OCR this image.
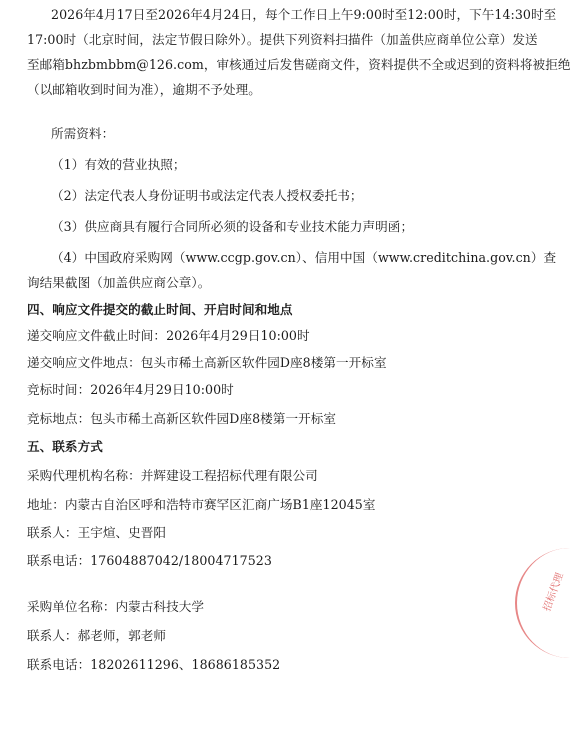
2026年4月17日至2026年4月24日，每个工作日上午9:00时至12:00时，下午14:30时至
17:00时（北京时间，法定节假日除外）。提供下列资料扫描件（加盖供应商单位公章）发送
至邮箱bhzbmbbm@126.com，审核通过后发售磋商文件，资料提供不全或迟到的资料将被拒绝
（以邮箱收到时间为准），逾期不予处理。
所需资料：
（1）有效的营业执照；
（2）法定代表人身份证明书或法定代表人授权委托书；
（3）供应商具有履行合同所必须的设备和专业技术能力声明函；
（4）中国政府采购网（www.ccgp.gov.cn）、信用中国（www.creditchina.gov.cn）查
询结果截图（加盖供应商公章）。
四、响应文件提交的截止时间、开启时间和地点
递交响应文件截止时间：2026年4月29日10:00时
递交响应文件地点：包头市稀土高新区软件园D座8楼第一开标室
竞标时间：2026年4月29日10:00时
竞标地点：包头市稀土高新区软件园D座8楼第一开标室
五、联系方式
采购代理机构名称：并辉建设工程招标代理有限公司
地址：内蒙古自治区呼和浩特市赛罕区汇商广场B1座12045室
联系人：王宇煊、史晋阳
联系电话：17604887042/18004717523
采购单位名称：内蒙古科技大学
联系人：郝老师，郭老师
联系电话：18202611296、18686185352
招标代理
